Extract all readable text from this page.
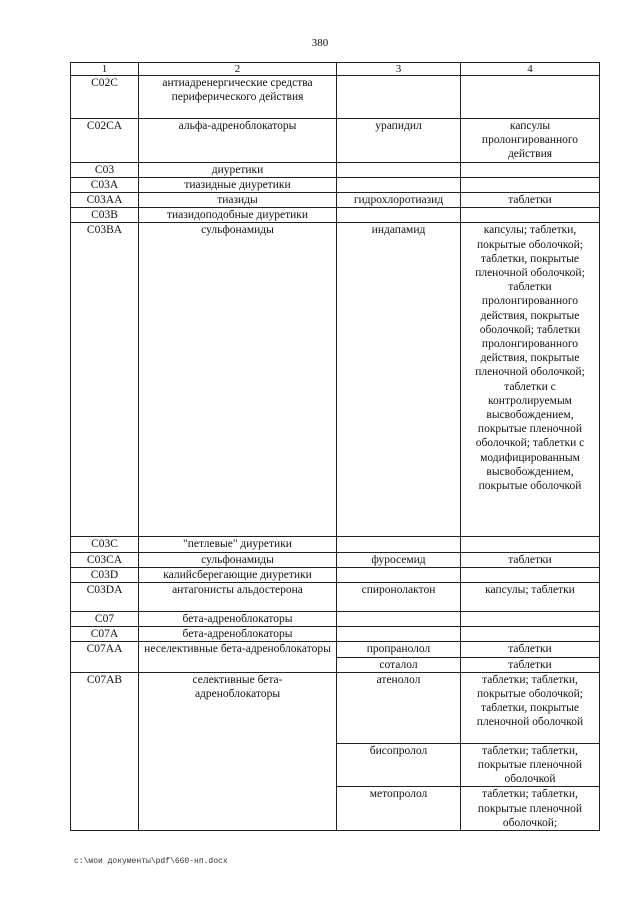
380
1	2	3	4
C02C	антиадренергические средства периферического действия		
C02CA	альфа-адреноблокаторы	урапидил	капсулы пролонгированного действия
C03	диуретики		
C03A	тиазидные диуретики		
C03AA	тиазиды	гидрохлоротиазид	таблетки
C03B	тиазидоподобные диуретики		
C03BA	сульфонамиды	индапамид	капсулы; таблетки, покрытые оболочкой; таблетки, покрытые пленочной оболочкой; таблетки пролонгированного действия, покрытые оболочкой; таблетки пролонгированного действия, покрытые пленочной оболочкой; таблетки с контролируемым высвобождением, покрытые пленочной оболочкой; таблетки с модифицированным высвобождением, покрытые оболочкой
C03C	"петлевые" диуретики		
C03CA	сульфонамиды	фуросемид	таблетки
C03D	калийсберегающие диуретики		
C03DA	антагонисты альдостерона	спиронолактон	капсулы; таблетки
C07	бета-адреноблокаторы		
C07A	бета-адреноблокаторы		
C07AA	неселективные бета-адреноблокаторы	пропранолол	таблетки
		соталол	таблетки
C07AB	селективные бета-адреноблокаторы	атенолол	таблетки; таблетки, покрытые оболочкой; таблетки, покрытые пленочной оболочкой
		бисопролол	таблетки; таблетки, покрытые пленочной оболочкой
		метопролол	таблетки; таблетки, покрытые пленочной оболочкой;
c:\мои документы\pdf\660-нп.docx
